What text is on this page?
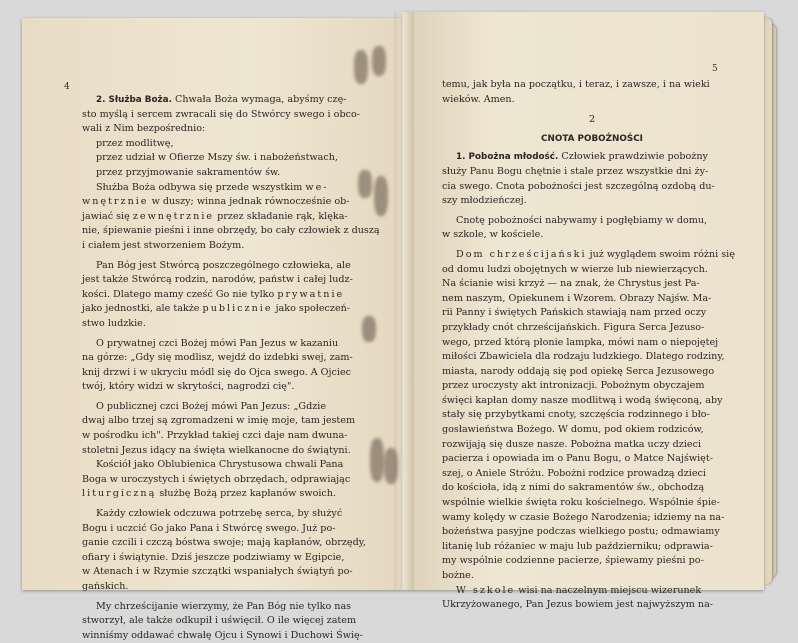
4

2. Służba Boża. Chwała Boża wymaga, abyśmy czę-

sto myślą i sercem zwracali się do Stwórcy swego i obco-

wali z Nim bezpośrednio:

przez modlitwę,

przez udział w Ofierze Mszy św. i nabożeństwach,

przez przyjmowanie sakramentów św.

Służba Boża odbywa się przede wszystkim we-

wnętrznie w duszy; winna jednak równocześnie ob-

jawiać się zewnętrznie przez składanie rąk, klęka-

nie, śpiewanie pieśni i inne obrzędy, bo cały człowiek z duszą

i ciałem jest stworzeniem Bożym.

Pan Bóg jest Stwórcą poszczególnego człowieka, ale

jest także Stwórcą rodzin, narodów, państw i całej ludz-

kości. Dlatego mamy cześć Go nie tylko prywatnie

jako jednostki, ale także publicznie jako społeczeń-

stwo ludzkie.

O prywatnej czci Bożej mówi Pan Jezus w kazaniu

na górze: „Gdy się modlisz, wejdź do izdebki swej, zam-

knij drzwi i w ukryciu módl się do Ojca swego. A Ojciec

twój, który widzi w skrytości, nagrodzi cię".

O publicznej czci Bożej mówi Pan Jezus: „Gdzie

dwaj albo trzej są zgromadzeni w imię moje, tam jestem

w pośrodku ich". Przykład takiej czci daje nam dwuna-

stoletni Jezus idący na święta wielkanocne do świątyni.

Kościół jako Oblubienica Chrystusowa chwali Pana

Boga w uroczystych i świętych obrzędach, odprawiając

liturgiczną służbę Bożą przez kapłanów swoich.

Każdy człowiek odczuwa potrzebę serca, by służyć

Bogu i uczcić Go jako Pana i Stwórcę swego. Już po-

ganie czcili i czczą bóstwa swoje; mają kapłanów, obrzędy,

ofiary i świątynie. Dziś jeszcze podziwiamy w Egipcie,

w Atenach i w Rzymie szczątki wspaniałych świątyń po-

gańskich.

My chrześcijanie wierzymy, że Pan Bóg nie tylko nas

stworzył, ale także odkupił i uświęcił. O ile więcej zatem

winniśmy oddawać chwałę Ojcu i Synowi i Duchowi Świę-

5

temu, jak była na początku, i teraz, i zawsze, i na wieki

wieków. Amen.

2

CNOTA POBOŻNOŚCI

1. Pobożna młodość. Człowiek prawdziwie pobożny

służy Panu Bogu chętnie i stale przez wszystkie dni ży-

cia swego. Cnota pobożności jest szczególną ozdobą du-

szy młodzieńczej.

Cnotę pobożności nabywamy i pogłębiamy w domu,

w szkole, w kościele.

Dom chrześcijański już wyglądem swoim różni się

od domu ludzi obojętnych w wierze lub niewierzących.

Na ścianie wisi krzyż — na znak, że Chrystus jest Pa-

nem naszym, Opiekunem i Wzorem. Obrazy Najśw. Ma-

rii Panny i świętych Pańskich stawiają nam przed oczy

przykłady cnót chrześcijańskich. Figura Serca Jezuso-

wego, przed którą płonie lampka, mówi nam o niepojętej

miłości Zbawiciela dla rodzaju ludzkiego. Dlatego rodziny,

miasta, narody oddają się pod opiekę Serca Jezusowego

przez uroczysty akt intronizacji. Pobożnym obyczajem

święci kapłan domy nasze modlitwą i wodą święconą, aby

stały się przybytkami cnoty, szczęścia rodzinnego i bło-

gosławieństwa Bożego. W domu, pod okiem rodziców,

rozwijają się dusze nasze. Pobożna matka uczy dzieci

pacierza i opowiada im o Panu Bogu, o Matce Najświęt-

szej, o Aniele Stróżu. Pobożni rodzice prowadzą dzieci

do kościoła, idą z nimi do sakramentów św., obchodzą

wspólnie wielkie święta roku kościelnego. Wspólnie śpie-

wamy kolędy w czasie Bożego Narodzenia; idziemy na na-

bożeństwa pasyjne podczas wielkiego postu; odmawiamy

litanię lub różaniec w maju lub październiku; odprawia-

my wspólnie codzienne pacierze, śpiewamy pieśni po-

bożne.

W szkole wisi na naczelnym miejscu wizerunek

Ukrzyżowanego, Pan Jezus bowiem jest najwyższym na-
